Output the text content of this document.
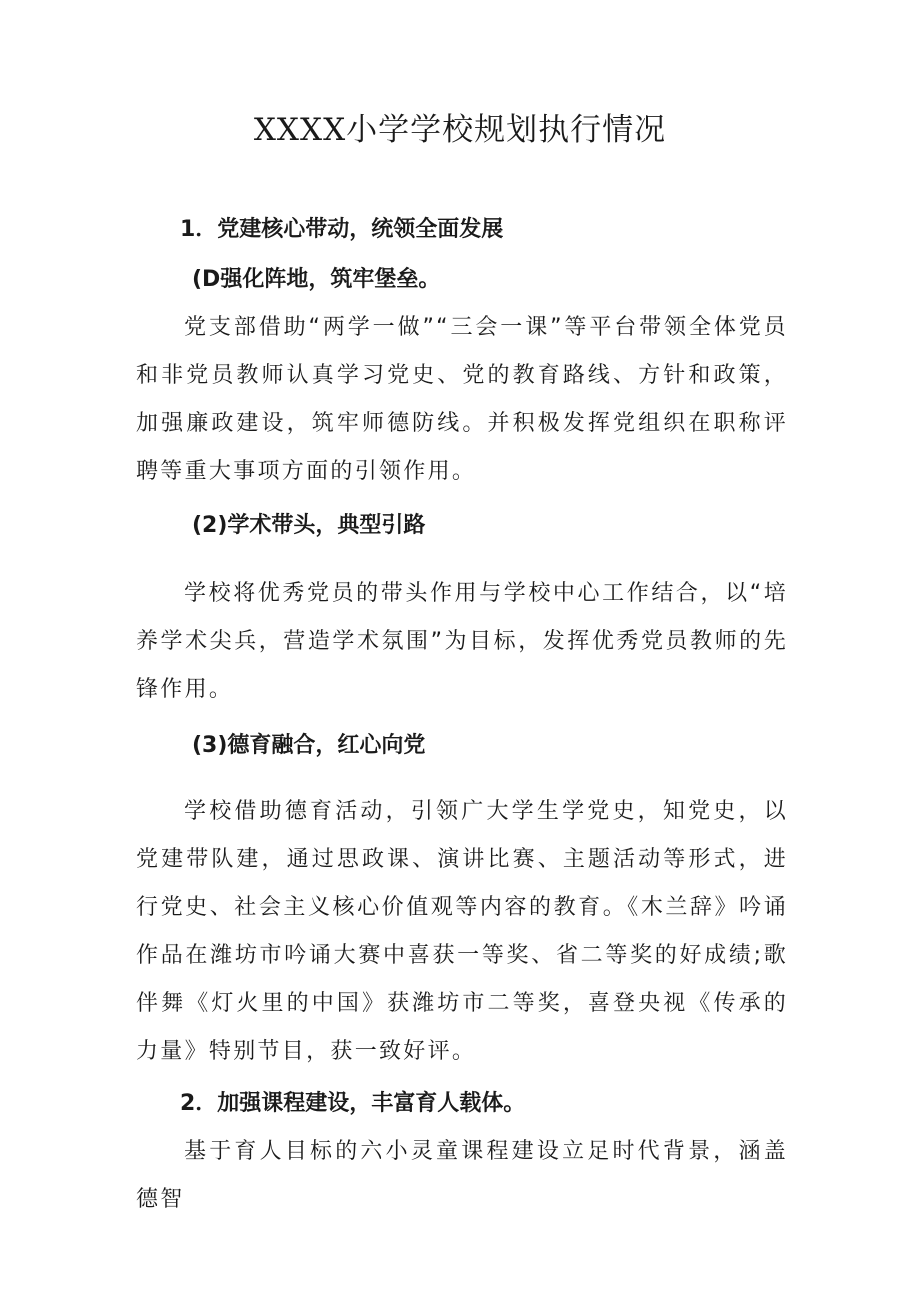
XXXX小学学校规划执行情况
1．党建核心带动，统领全面发展
(D强化阵地，筑牢堡垒。

党支部借助“两学一做”“三会一课”等平台带领全体党员和非党员教师认真学习党史、党的教育路线、方针和政策，加强廉政建设，筑牢师德防线。并积极发挥党组织在职称评聘等重大事项方面的引领作用。

(2)学术带头，典型引路

学校将优秀党员的带头作用与学校中心工作结合，以“培养学术尖兵，营造学术氛围”为目标，发挥优秀党员教师的先锋作用。

(3)德育融合，红心向党

学校借助德育活动，引领广大学生学党史，知党史，以党建带队建，通过思政课、演讲比赛、主题活动等形式，进行党史、社会主义核心价值观等内容的教育。《木兰辞》吟诵作品在潍坊市吟诵大赛中喜获一等奖、省二等奖的好成绩;歌伴舞《灯火里的中国》获潍坊市二等奖，喜登央视《传承的力量》特别节目，获一致好评。

2．加强课程建设，丰富育人载体。

基于育人目标的六小灵童课程建设立足时代背景，涵盖德智
